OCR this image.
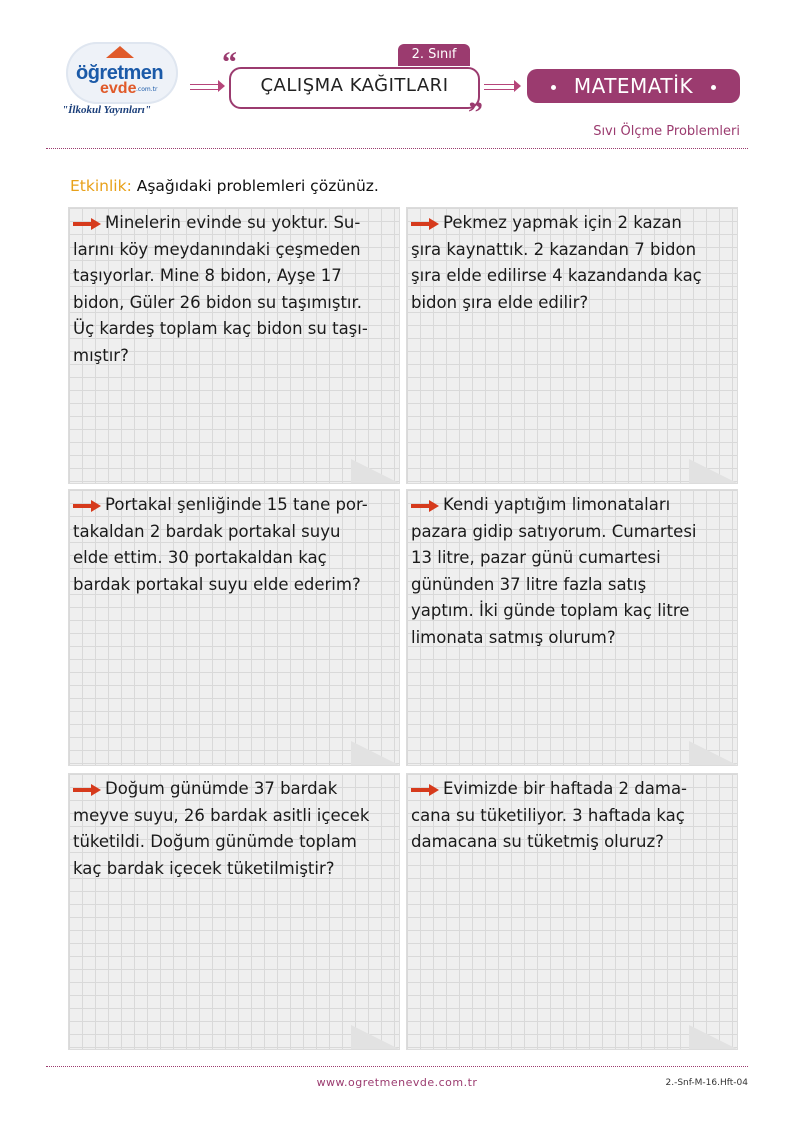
öğretmen
evde .com.tr
"İlkokul Yayınları"
2. Sınıf
ÇALIŞMA KAĞITLARI
“
”
MATEMATİK
Sıvı Ölçme Problemleri
Etkinlik: Aşağıdaki problemleri çözünüz.
Minelerin evinde su yoktur. Su-
larını köy meydanındaki çeşmeden
taşıyorlar. Mine 8 bidon, Ayşe 17
bidon, Güler 26 bidon su taşımıştır.
Üç kardeş toplam kaç bidon su taşı-
mıştır?
Pekmez yapmak için 2 kazan
şıra kaynattık. 2 kazandan 7 bidon
şıra elde edilirse 4 kazandanda kaç
bidon şıra elde edilir?
Portakal şenliğinde 15 tane por-
takaldan 2 bardak portakal suyu
elde ettim. 30 portakaldan kaç
bardak portakal suyu elde ederim?
Kendi yaptığım limonataları
pazara gidip satıyorum. Cumartesi
13 litre, pazar günü cumartesi
gününden 37 litre fazla satış
yaptım. İki günde toplam kaç litre
limonata satmış olurum?
Doğum günümde 37 bardak
meyve suyu, 26 bardak asitli içecek
tüketildi. Doğum günümde toplam
kaç bardak içecek tüketilmiştir?
Evimizde bir haftada 2 dama-
cana su tüketiliyor. 3 haftada kaç
damacana su tüketmiş oluruz?
www.ogretmenevde.com.tr	2.-Snf-M-16.Hft-04
